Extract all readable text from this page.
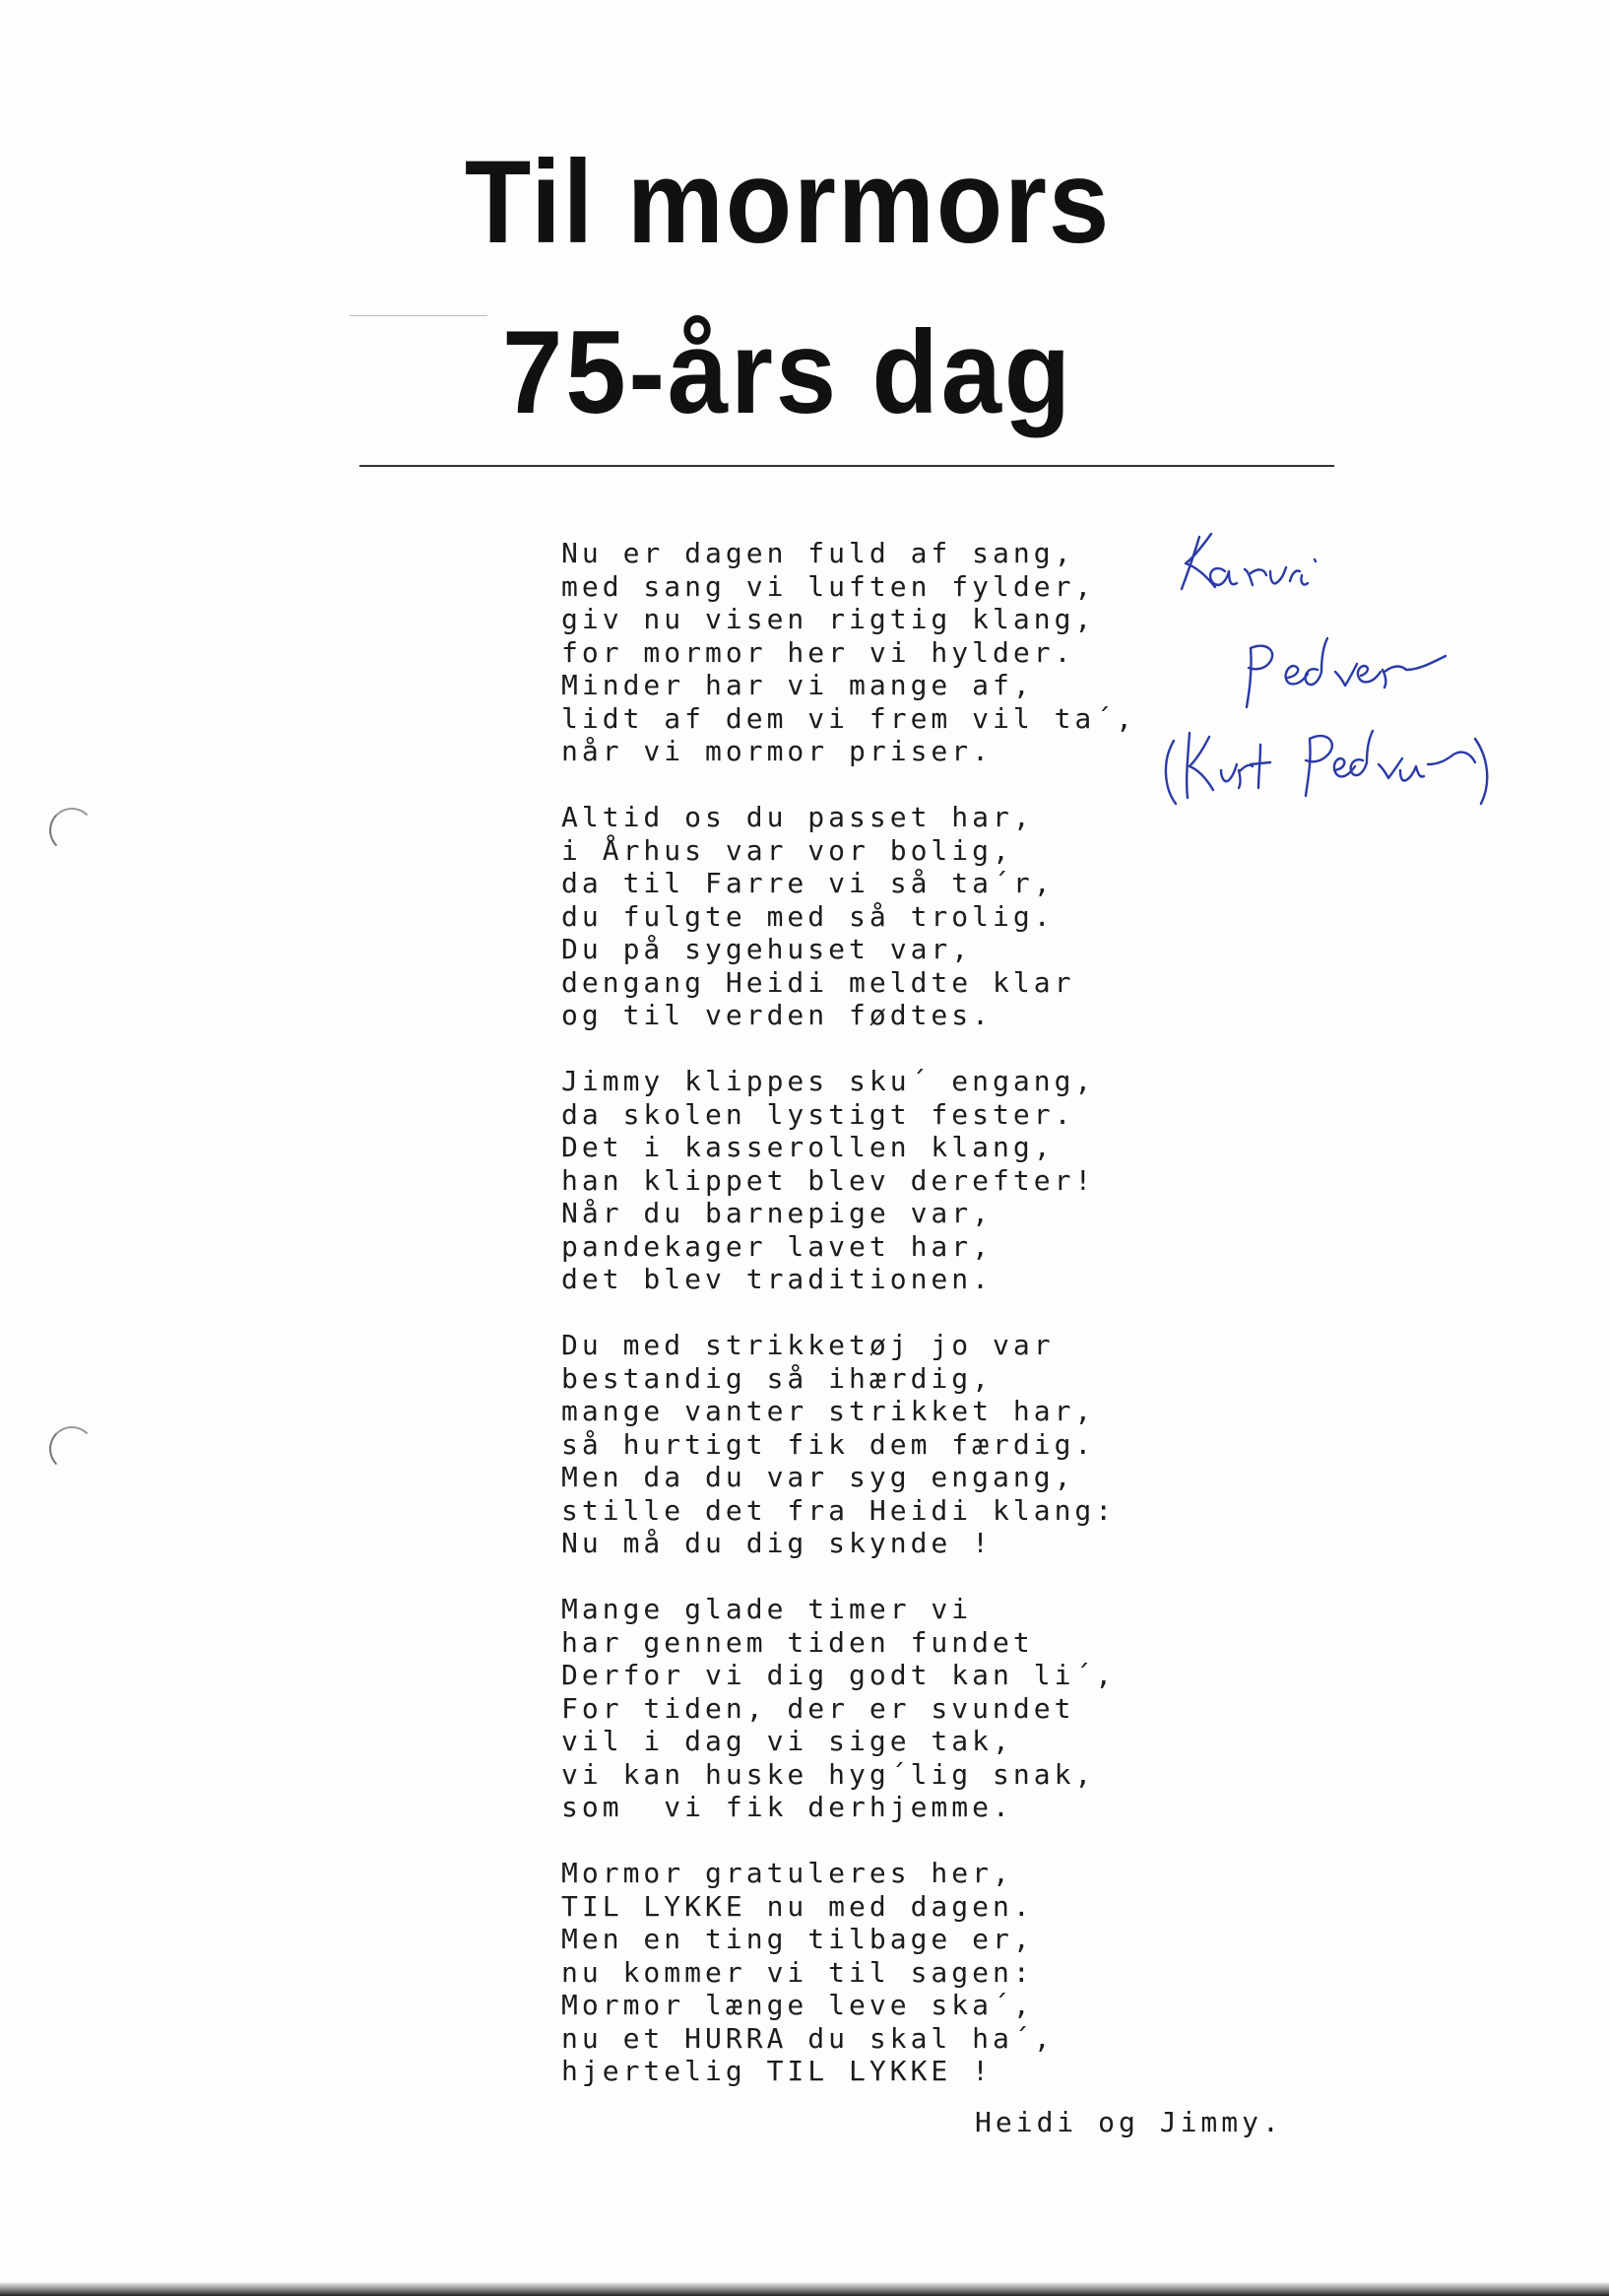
Til mormors
75-års dag
Nu er dagen fuld af sang,
med sang vi luften fylder,
giv nu visen rigtig klang,
for mormor her vi hylder.
Minder har vi mange af,
lidt af dem vi frem vil ta´,
når vi mormor priser.
Altid os du passet har,
i Århus var vor bolig,
da til Farre vi så ta´r,
du fulgte med så trolig.
Du på sygehuset var,
dengang Heidi meldte klar
og til verden fødtes.
Jimmy klippes sku´ engang,
da skolen lystigt fester.
Det i kasserollen klang,
han klippet blev derefter!
Når du barnepige var,
pandekager lavet har,
det blev traditionen.
Du med strikketøj jo var
bestandig så ihærdig,
mange vanter strikket har,
så hurtigt fik dem færdig.
Men da du var syg engang,
stille det fra Heidi klang:
Nu må du dig skynde !
Mange glade timer vi
har gennem tiden fundet
Derfor vi dig godt kan li´,
For tiden, der er svundet
vil i dag vi sige tak,
vi kan huske hyg´lig snak,
som  vi fik derhjemme.
Mormor gratuleres her,
TIL LYKKE nu med dagen.
Men en ting tilbage er,
nu kommer vi til sagen:
Mormor længe leve ska´,
nu et HURRA du skal ha´,
hjertelig TIL LYKKE !
Heidi og Jimmy.
